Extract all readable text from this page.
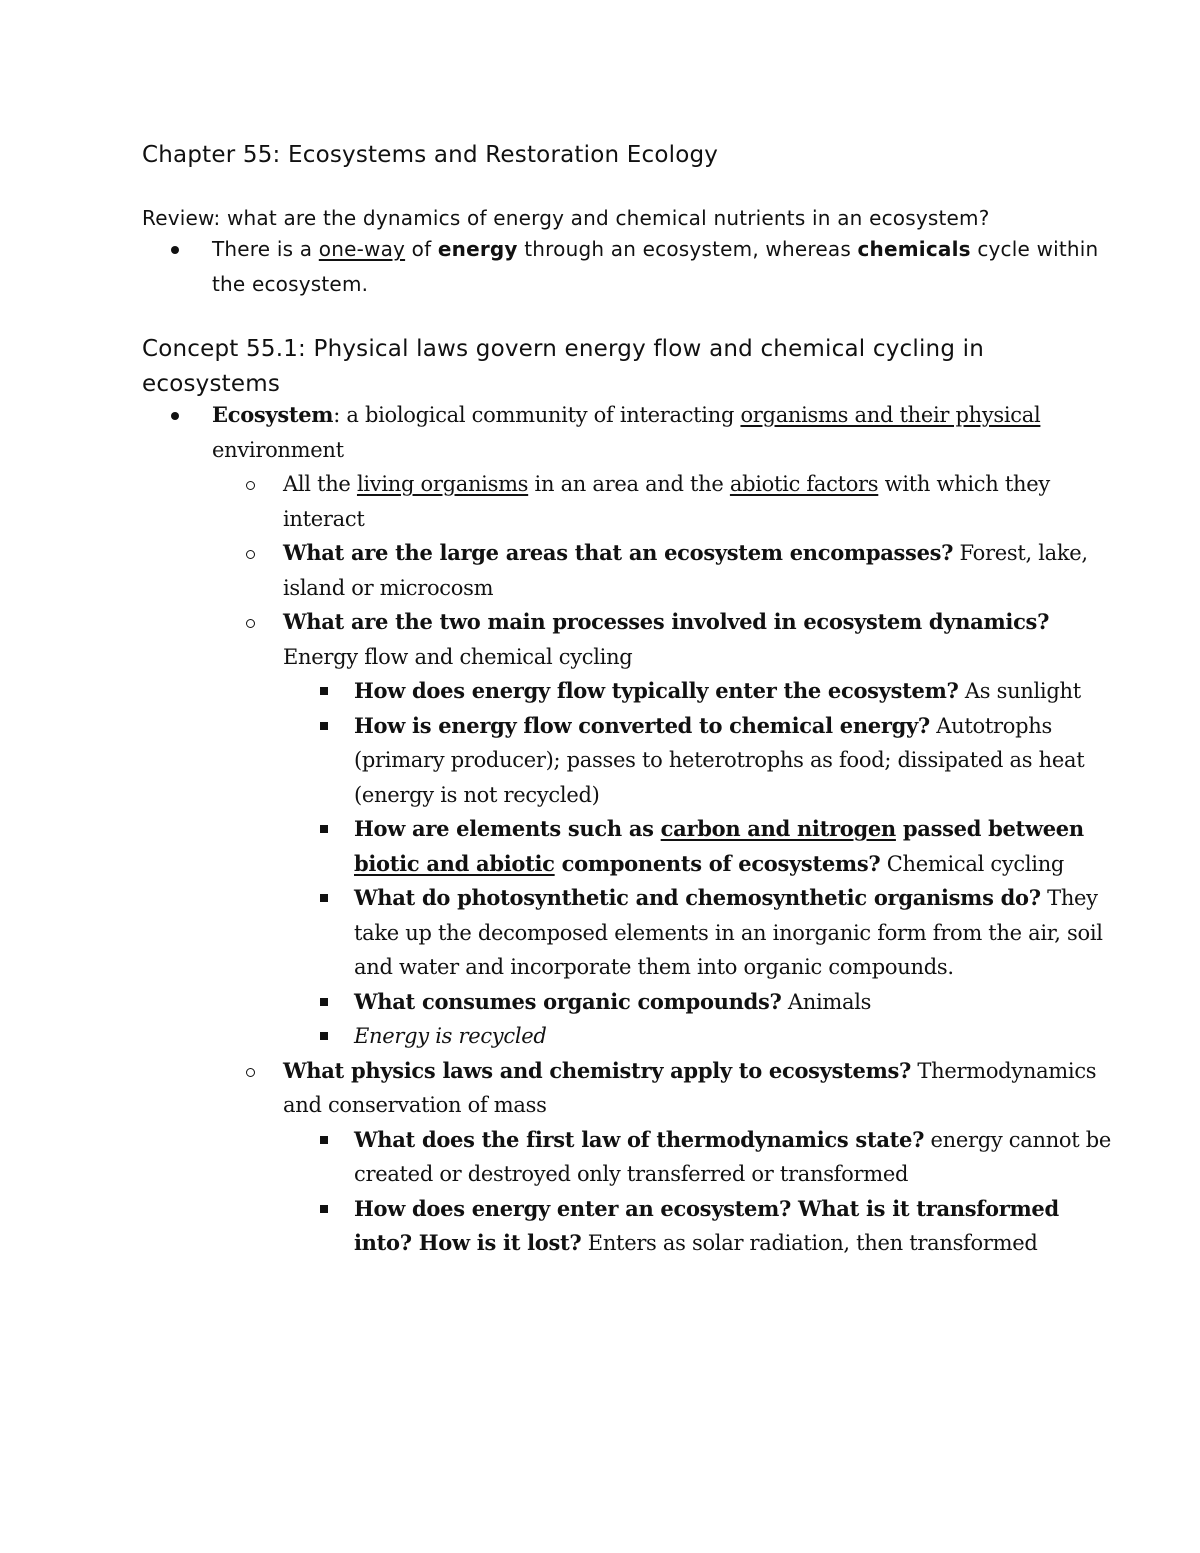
Chapter 55: Ecosystems and Restoration Ecology
Review: what are the dynamics of energy and chemical nutrients in an ecosystem?
There is a one-way of energy through an ecosystem, whereas chemicals cycle within the ecosystem.
Concept 55.1: Physical laws govern energy flow and chemical cycling in ecosystems
Ecosystem: a biological community of interacting organisms and their physical environment
All the living organisms in an area and the abiotic factors with which they interact
What are the large areas that an ecosystem encompasses? Forest, lake, island or microcosm
What are the two main processes involved in ecosystem dynamics? Energy flow and chemical cycling
How does energy flow typically enter the ecosystem? As sunlight
How is energy flow converted to chemical energy? Autotrophs (primary producer); passes to heterotrophs as food; dissipated as heat (energy is not recycled)
How are elements such as carbon and nitrogen passed between biotic and abiotic components of ecosystems? Chemical cycling
What do photosynthetic and chemosynthetic organisms do? They take up the decomposed elements in an inorganic form from the air, soil and water and incorporate them into organic compounds.
What consumes organic compounds? Animals
Energy is recycled
What physics laws and chemistry apply to ecosystems? Thermodynamics and conservation of mass
What does the first law of thermodynamics state? energy cannot be created or destroyed only transferred or transformed
How does energy enter an ecosystem? What is it transformed into? How is it lost? Enters as solar radiation, then transformed
